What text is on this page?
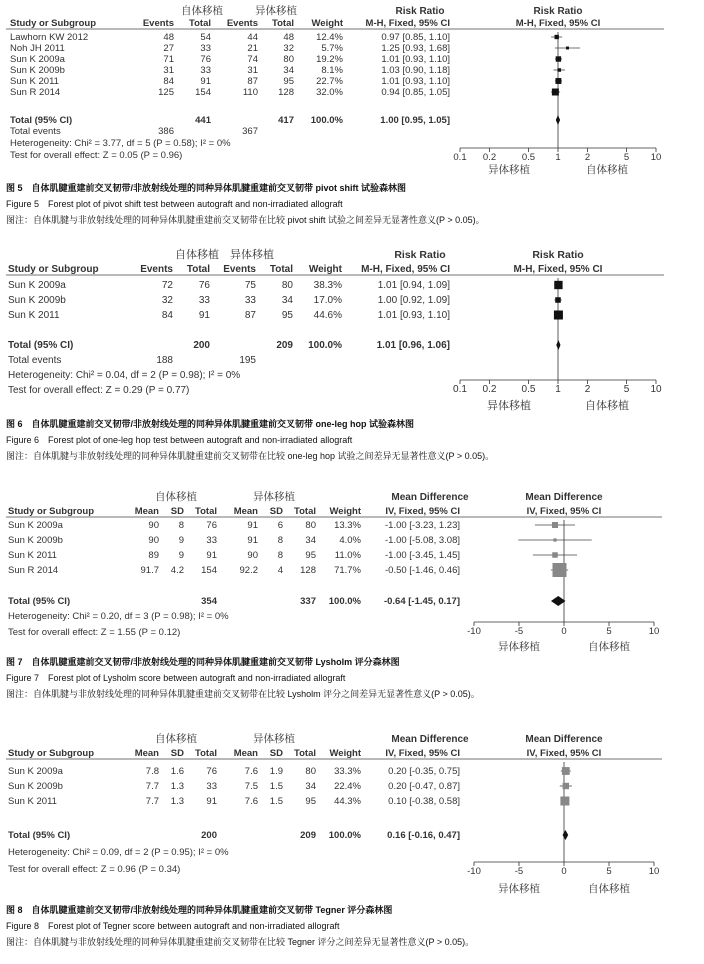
自体移植	异体移植	Risk Ratio	Risk Ratio
Study or Subgroup	Events Total Events Total Weight M-H, Fixed, 95% CI	M-H, Fixed, 95% CI
Lawhorn KW 2012	48	54	44	48 12.4%	0.97 [0.85, 1.10]
Noh JH 2011	27	33	21	32	5.7%	1.25 [0.93, 1.68]
Sun K 2009a	71	76	74	80 19.2%	1.01 [0.93, 1.10]
Sun K 2009b	31	33	31	34	8.1%	1.03 [0.90, 1.18]
Sun K 2011	84	91	87	95 22.7%	1.01 [0.93, 1.10]
Sun R 2014	125 154	110 128 32.0%	0.94 [0.85, 1.05]
Total (95% CI)	441	417 100.0%	1.00 [0.95, 1.05]
Total events	386	367
Heterogeneity: Chi² = 3.77, df = 5 (P = 0.58); I² = 0%
Test for overall effect: Z = 0.05 (P = 0.96)	0.1 0.2	0.5 1	2	5 10
异体移植	自体移植
图 5　自体肌腱重建前交叉韧带/非放射线处理的同种异体肌腱重建前交叉韧带 pivot shift 试验森林图
Figure 5　Forest plot of pivot shift test between autograft and non-irradiated allograft
图注：自体肌腱与非放射线处理的同种异体肌腱重建前交叉韧带在比较 pivot shift 试验之间差异无显著性意义(P > 0.05)。
自体移植 异体移植	Risk Ratio	Risk Ratio
Study or Subgroup	Events Total Events Total Weight M-H, Fixed, 95% CI	M-H, Fixed, 95% CI
Sun K 2009a	72	76	75	80 38.3%	1.01 [0.94, 1.09]
Sun K 2009b	32	33	33	34 17.0%	1.00 [0.92, 1.09]
Sun K 2011	84	91	87	95 44.6%	1.01 [0.93, 1.10]
Total (95% CI)	200	209 100.0%	1.01 [0.96, 1.06]
Total events	188	195
Heterogeneity: Chi² = 0.04, df = 2 (P = 0.98); I² = 0%
Test for overall effect: Z = 0.29 (P = 0.77)	0.1 0.2	0.5 1 2	5 10
异体移植	自体移植
图 6　自体肌腱重建前交叉韧带/非放射线处理的同种异体肌腱重建前交叉韧带 one-leg hop 试验森林图
Figure 6　Forest plot of one-leg hop test between autograft and non-irradiated allograft
图注：自体肌腱与非放射线处理的同种异体肌腱重建前交叉韧带在比较 one-leg hop 试验之间差异无显著性意义(P > 0.05)。
自体移植	异体移植	Mean Difference	Mean Difference
Study or Subgroup	Mean SD Total Mean SD Total Weight	IV, Fixed, 95% CI	IV, Fixed, 95% CI
Sun K 2009a	90 8 76	91 6 80 13.3%	-1.00 [-3.23, 1.23]
Sun K 2009b	90 9 33	91 8 34 4.0%	-1.00 [-5.08, 3.08]
Sun K 2011	89 9 91	90 8 95 11.0%	-1.00 [-3.45, 1.45]
Sun R 2014	91.7 4.2 154 92.2 4 128 71.7%	-0.50 [-1.46, 0.46]
Total (95% CI)	354	337 100.0% -0.64 [-1.45, 0.17]
Heterogeneity: Chi² = 0.20, df = 3 (P = 0.98); I² = 0%
Test for overall effect: Z = 1.55 (P = 0.12)	-10	-5	0	5	10
异体移植	自体移植
图 7　自体肌腱重建前交叉韧带/非放射线处理的同种异体肌腱重建前交叉韧带 Lysholm 评分森林图
Figure 7　Forest plot of Lysholm score between autograft and non-irradiated allograft
图注：自体肌腱与非放射线处理的同种异体肌腱重建前交叉韧带在比较 Lysholm 评分之间差异无显著性意义(P > 0.05)。
自体移植	异体移植	Mean Difference	Mean Difference
Study or Subgroup	Mean SD Total Mean SD Total Weight	IV, Fixed, 95% CI	IV, Fixed, 95% CI
Sun K 2009a	7.8 1.6 76	7.6 1.9 80 33.3%	0.20 [-0.35, 0.75]
Sun K 2009b	7.7 1.3 33	7.5 1.5 34 22.4%	0.20 [-0.47, 0.87]
Sun K 2011	7.7 1.3 91	7.6 1.5 95 44.3%	0.10 [-0.38, 0.58]
Total (95% CI)	200	209 100.0%	0.16 [-0.16, 0.47]
Heterogeneity: Chi² = 0.09, df = 2 (P = 0.95); I² = 0%
Test for overall effect: Z = 0.96 (P = 0.34)	-10	-5	0	5	10
异体移植	自体移植
图 8　自体肌腱重建前交叉韧带/非放射线处理的同种异体肌腱重建前交叉韧带 Tegner 评分森林图
Figure 8　Forest plot of Tegner score between autograft and non-irradiated allograft
图注：自体肌腱与非放射线处理的同种异体肌腱重建前交叉韧带在比较 Tegner 评分之间差异无显著性意义(P > 0.05)。
